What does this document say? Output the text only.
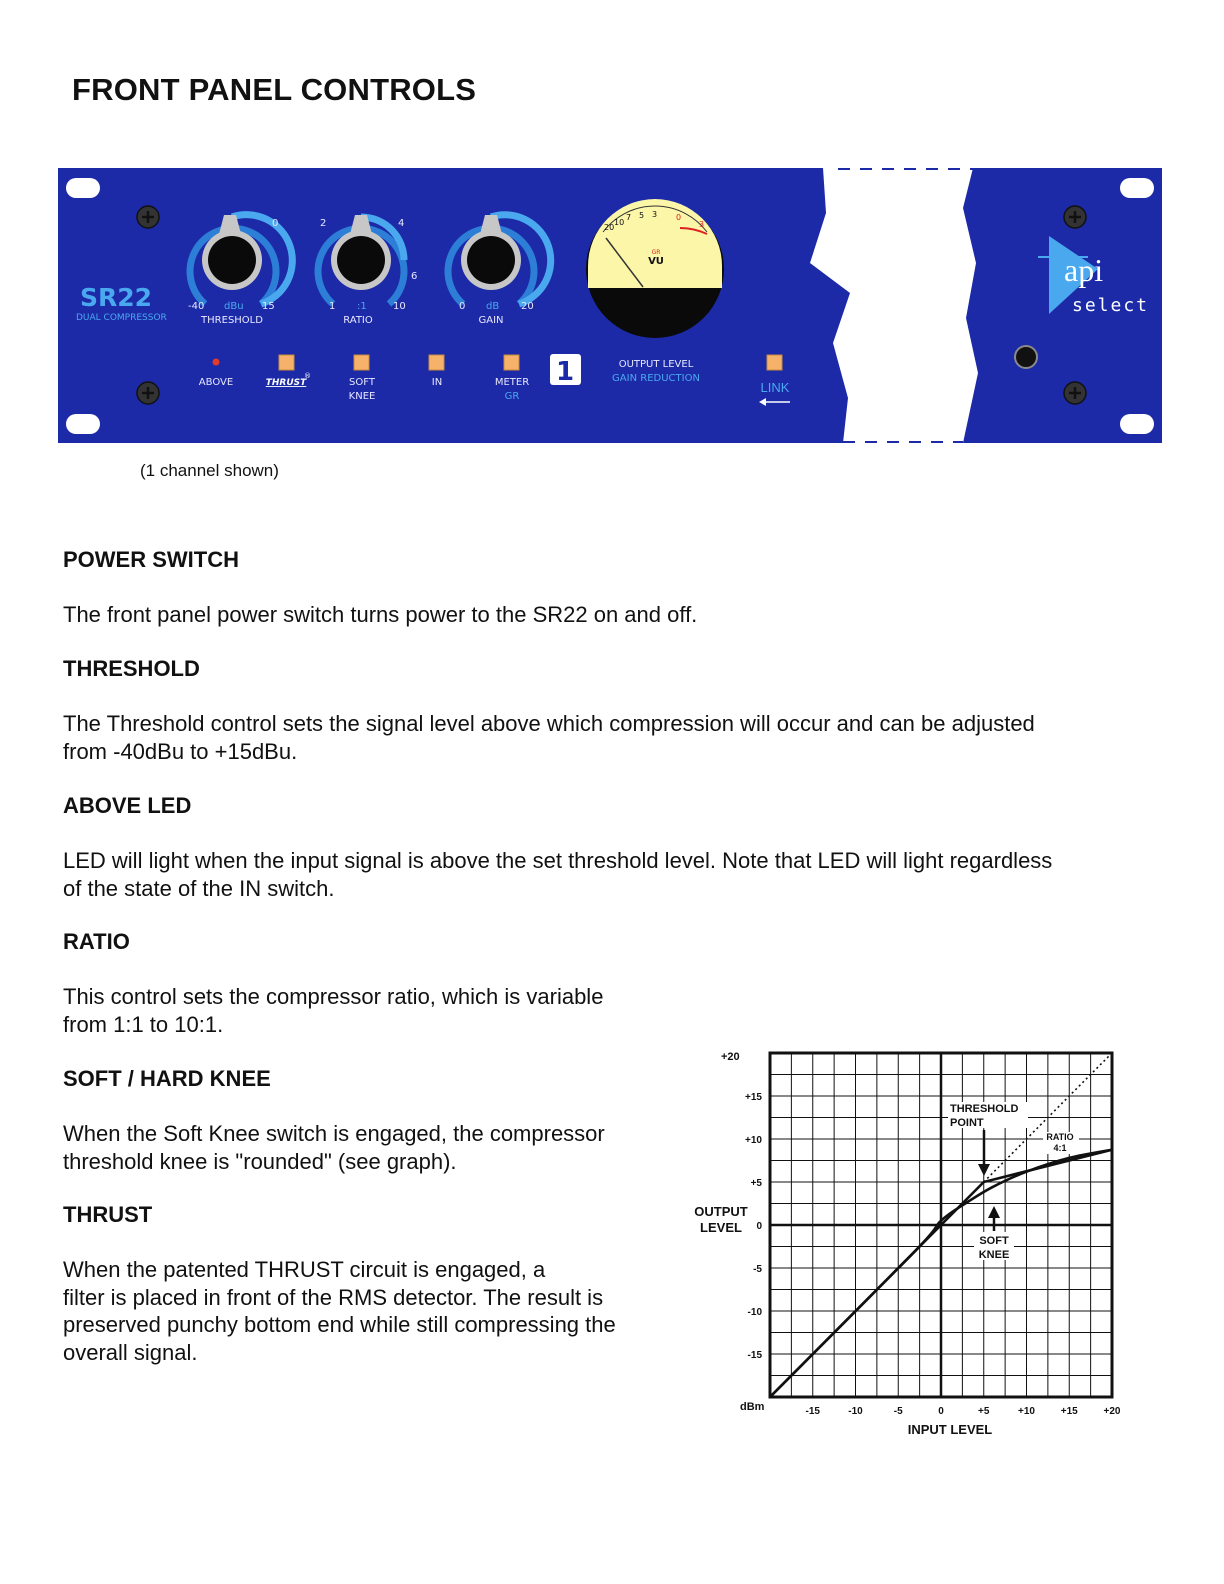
FRONT PANEL CONTROLS
SR22
DUAL COMPRESSOR
0
-40 dBu 15
THRESHOLD
2	4
6
1 :1	10
RATIO
0 dB 20
GAIN
20
10
7 5 3 0
3
GR
VU
ABOVE	THRUST
®
SOFT
KNEE
IN	METER
GR
1	OUTPUT LEVEL
GAIN REDUCTION
LINK
api
select
(1 channel shown)
POWER SWITCH
The front panel power switch turns power to the SR22 on and off.
THRESHOLD
The Threshold control sets the signal level above which compression will occur and can be adjusted
from -40dBu to +15dBu.
ABOVE LED
LED will light when the input signal is above the set threshold level. Note that LED will light regardless
of the state of the IN switch.
RATIO
This control sets the compressor ratio, which is variable
from 1:1 to 10:1.
SOFT / HARD KNEE
When the Soft Knee switch is engaged, the compressor
threshold knee is "rounded" (see graph).
THRUST
When the patented THRUST circuit is engaged, a
filter is placed in front of the RMS detector. The result is
preserved punchy bottom end while still compressing the
overall signal.
-15	-10	-5	0	+5	+10	+15	+20
+15
+10
+5
0
-5
-10
-15
+20
dBm
OUTPUT
LEVEL
INPUT LEVEL
THRESHOLD
POINT
RATIO
4:1
SOFT
KNEE
